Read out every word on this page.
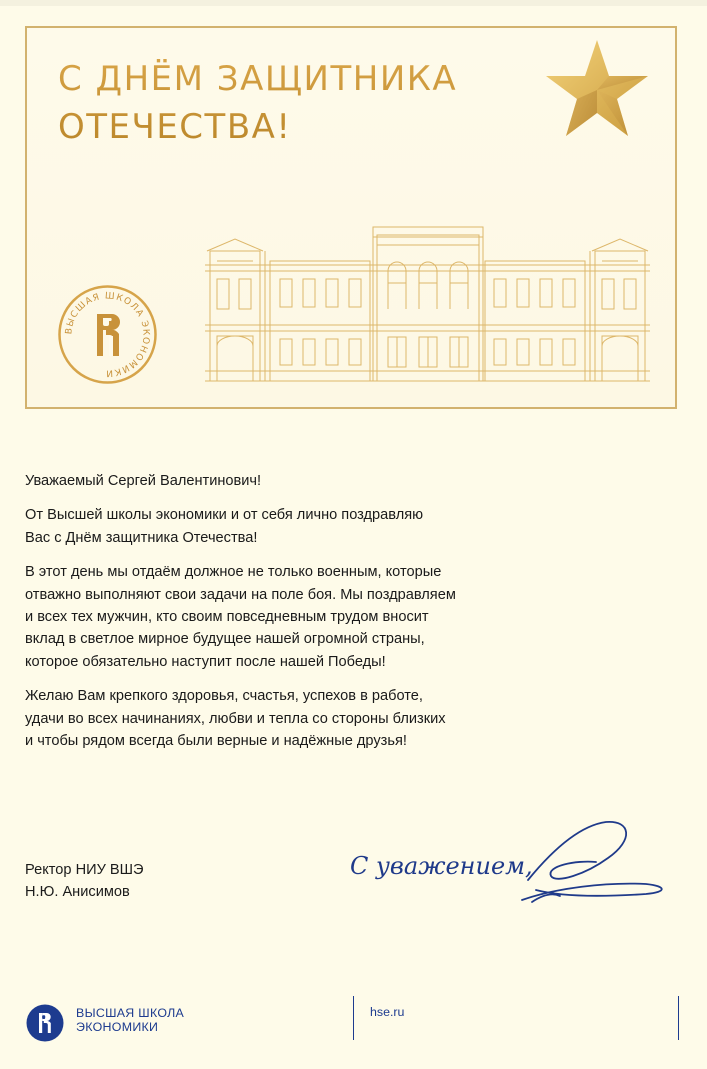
С ДНЁМ ЗАЩИТНИКА
ОТЕЧЕСТВА!
ВЫСШАЯ ШКОЛА ЭКОНОМИКИ

Уважаемый Сергей Валентинович!

От Высшей школы экономики и от себя лично поздравляю
Вас с Днём защитника Отечества!

В этот день мы отдаём должное не только военным, которые
отважно выполняют свои задачи на поле боя. Мы поздравляем
и всех тех мужчин, кто своим повседневным трудом вносит
вклад в светлое мирное будущее нашей огромной страны,
которое обязательно наступит после нашей Победы!

Желаю Вам крепкого здоровья, счастья, успехов в работе,
удачи во всех начинаниях, любви и тепла со стороны близких
и чтобы рядом всегда были верные и надёжные друзья!

Ректор НИУ ВШЭ
Н.Ю. Анисимов
С уважением,
ВЫСШАЯ ШКОЛА
ЭКОНОМИКИ
hse.ru
